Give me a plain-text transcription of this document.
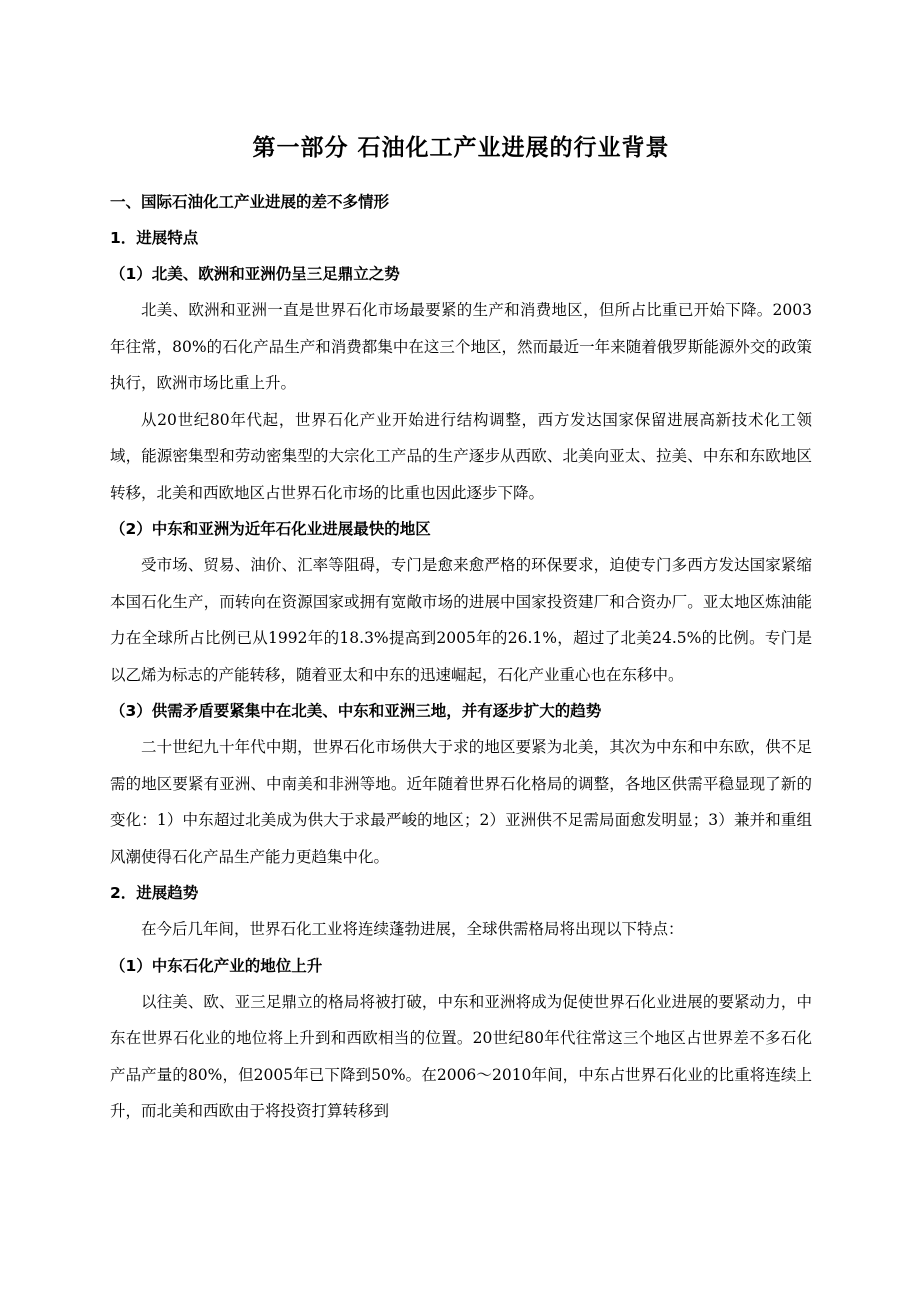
第一部分 石油化工产业进展的行业背景
一、国际石油化工产业进展的差不多情形
1．进展特点
（1）北美、欧洲和亚洲仍呈三足鼎立之势

北美、欧洲和亚洲一直是世界石化市场最要紧的生产和消费地区，但所占比重已开始下降。2003年往常，80%的石化产品生产和消费都集中在这三个地区，然而最近一年来随着俄罗斯能源外交的政策执行，欧洲市场比重上升。

从20世纪80年代起，世界石化产业开始进行结构调整，西方发达国家保留进展高新技术化工领域，能源密集型和劳动密集型的大宗化工产品的生产逐步从西欧、北美向亚太、拉美、中东和东欧地区转移，北美和西欧地区占世界石化市场的比重也因此逐步下降。

（2）中东和亚洲为近年石化业进展最快的地区

受市场、贸易、油价、汇率等阻碍，专门是愈来愈严格的环保要求，迫使专门多西方发达国家紧缩本国石化生产，而转向在资源国家或拥有宽敞市场的进展中国家投资建厂和合资办厂。亚太地区炼油能力在全球所占比例已从1992年的18.3%提高到2005年的26.1%，超过了北美24.5%的比例。专门是以乙烯为标志的产能转移，随着亚太和中东的迅速崛起，石化产业重心也在东移中。

（3）供需矛盾要紧集中在北美、中东和亚洲三地，并有逐步扩大的趋势

二十世纪九十年代中期，世界石化市场供大于求的地区要紧为北美，其次为中东和中东欧，供不足需的地区要紧有亚洲、中南美和非洲等地。近年随着世界石化格局的调整，各地区供需平稳显现了新的变化：1）中东超过北美成为供大于求最严峻的地区；2）亚洲供不足需局面愈发明显；3）兼并和重组风潮使得石化产品生产能力更趋集中化。

2．进展趋势

在今后几年间，世界石化工业将连续蓬勃进展，全球供需格局将出现以下特点：

（1）中东石化产业的地位上升

以往美、欧、亚三足鼎立的格局将被打破，中东和亚洲将成为促使世界石化业进展的要紧动力，中东在世界石化业的地位将上升到和西欧相当的位置。20世纪80年代往常这三个地区占世界差不多石化产品产量的80%，但2005年已下降到50%。在2006～2010年间，中东占世界石化业的比重将连续上升，而北美和西欧由于将投资打算转移到
